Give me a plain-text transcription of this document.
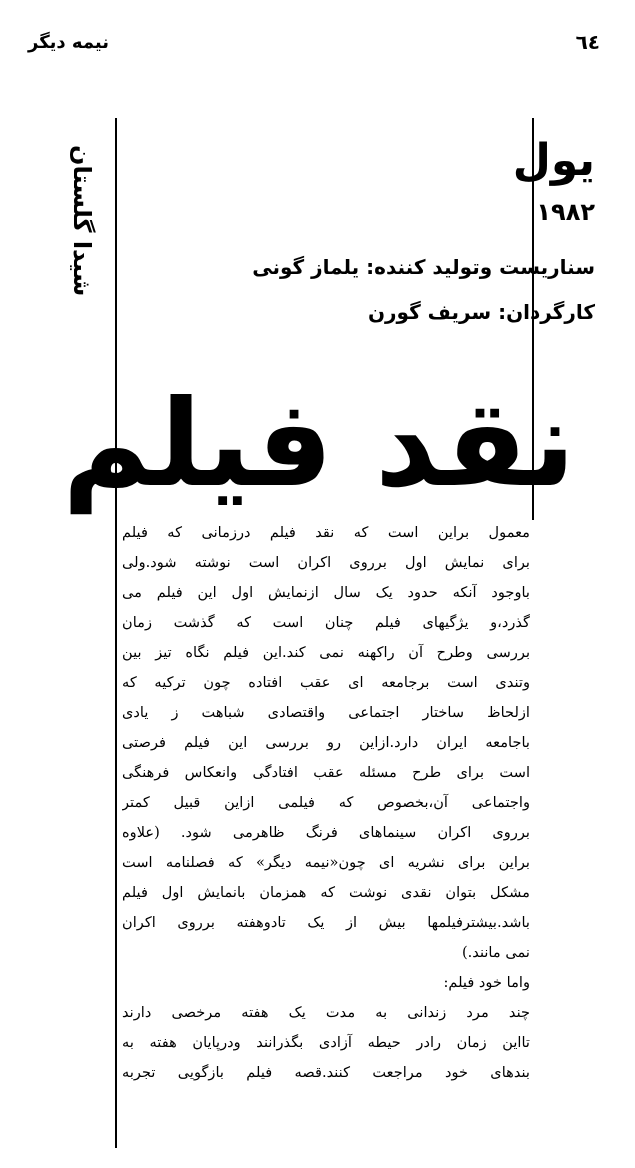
٦٤
نیمه دیگر
شیدا گلستان	یول
۱۹۸۲
سناریست وتولید کننده: یلماز گونی
کارگردان: سریف گورن
نقد فیلم
معمول براین است که نقد فیلم درزمانی که فیلم
برای نمایش اول برروی اکران است نوشته شود.ولی
باوجود آنکه حدود یک سال ازنمایش اول این فیلم می
گذرد،و یژگیهای فیلم چنان است که گذشت زمان
بررسی وطرح آن راکهنه نمی کند.این فیلم نگاه تیز بین
وتندی است برجامعه ای عقب افتاده چون ترکیه که
ازلحاظ ساختار اجتماعی واقتصادی شباهت ز یادی
باجامعه ایران دارد.ازاین رو بررسی این فیلم فرصتی
است برای طرح مسئله عقب افتادگی وانعکاس فرهنگی
واجتماعی آن،بخصوص که فیلمی ازاین قبیل کمتر
برروی اکران سینماهای فرنگ ظاهرمی شود. (علاوه
براین برای نشریه ای چون«نیمه دیگر» که فصلنامه است
مشکل بتوان نقدی نوشت که همزمان بانمایش اول فیلم
باشد.بیشترفیلمها بیش از یک تادوهفته برروی اکران
نمی مانند.)
واما خود فیلم:
چند مرد زندانی به مدت یک هفته مرخصی دارند
تااین زمان رادر حیطه آزادی بگذرانند ودرپایان هفته به
بندهای خود مراجعت کنند.قصه فیلم بازگویی تجربه
